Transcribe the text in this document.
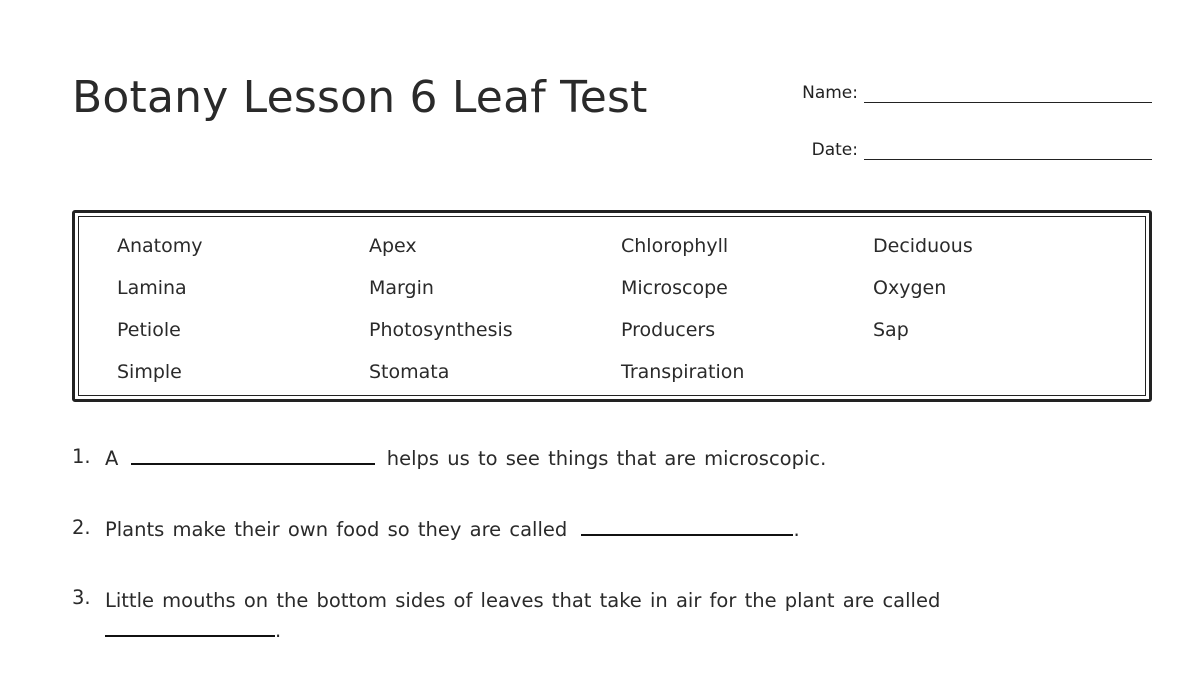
Botany Lesson 6 Leaf Test	Name:
Date:
Anatomy	Apex	Chlorophyll	Deciduous
Lamina	Margin	Microscope	Oxygen
Petiole	Photosynthesis	Producers	Sap
Simple	Stomata	Transpiration
1. A	helps us to see things that are microscopic.
2. Plants make their own food so they are called	.
3. Little mouths on the bottom sides of leaves that take in air for the plant are called
.
